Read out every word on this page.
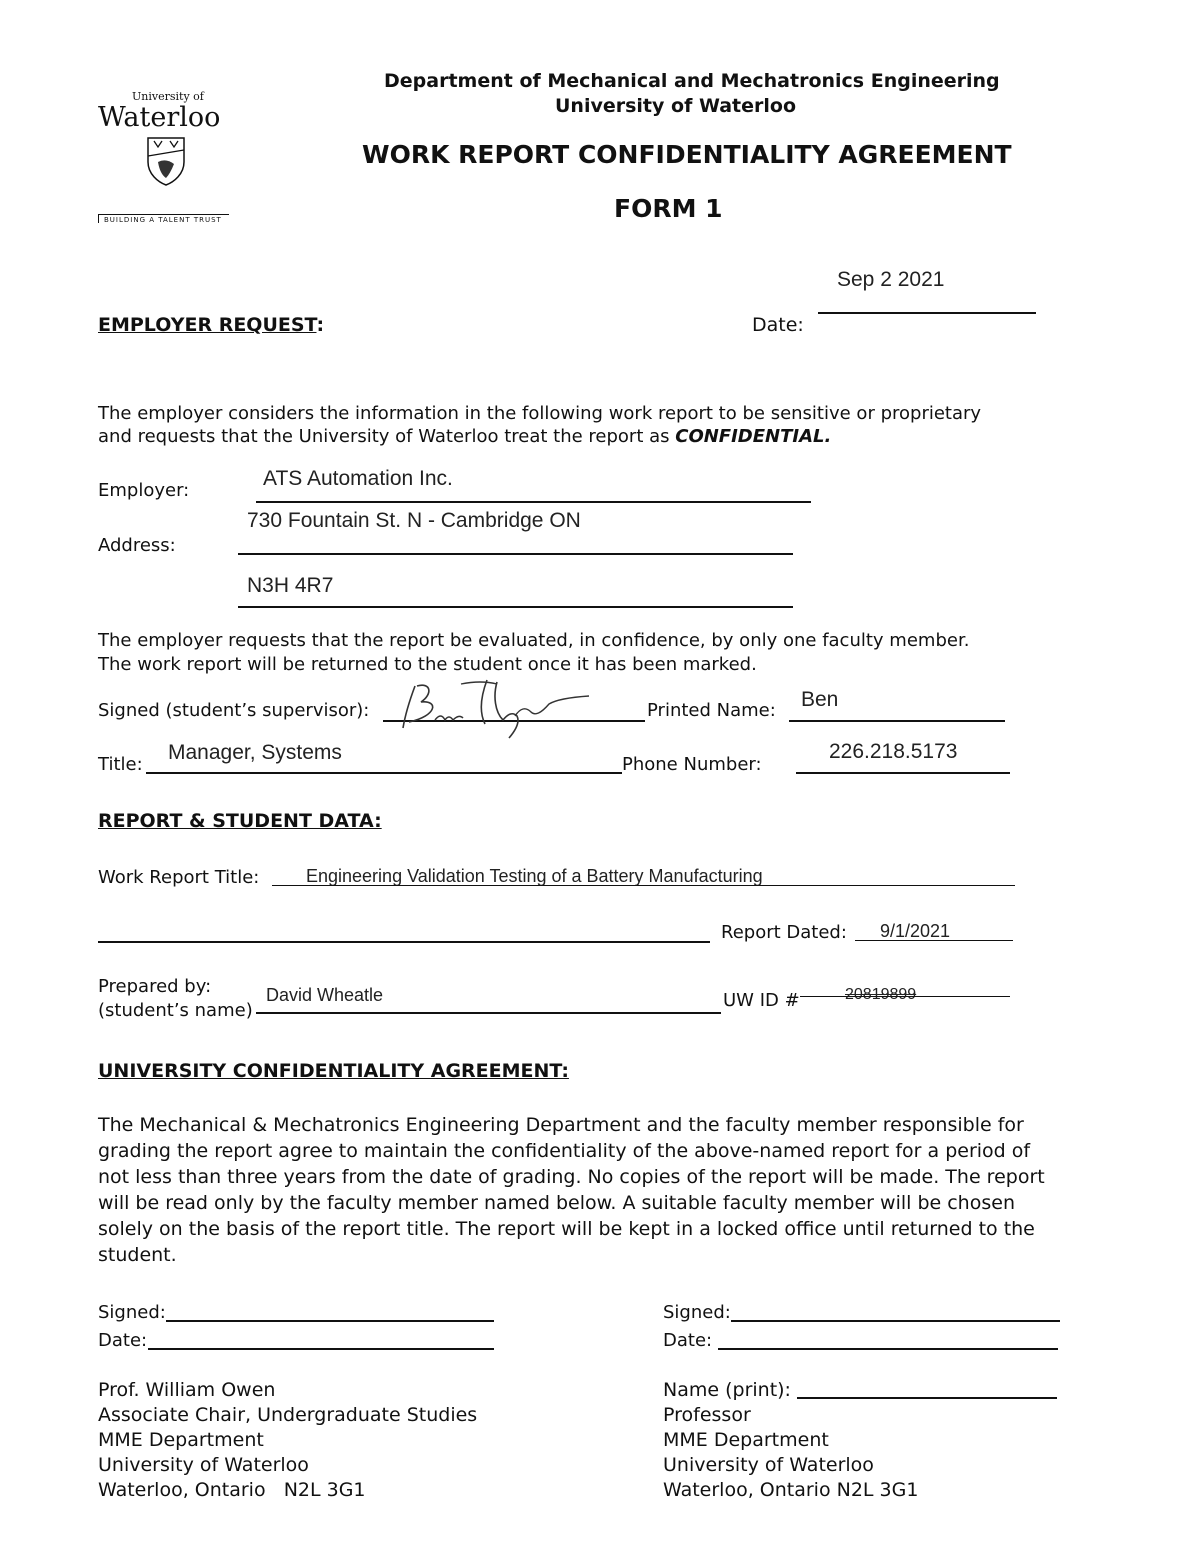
University of
Waterloo
BUILDING A TALENT TRUST
Department of Mechanical and Mechatronics Engineering
University of Waterloo
WORK REPORT CONFIDENTIALITY AGREEMENT
FORM 1
EMPLOYER REQUEST:	Date:
Sep 2 2021
The employer considers the information in the following work report to be sensitive or proprietary
and requests that the University of Waterloo treat the report as CONFIDENTIAL.
Employer:
ATS Automation Inc.
730 Fountain St. N - Cambridge ON
Address:
N3H 4R7
The employer requests that the report be evaluated, in confidence, by only one faculty member.
The work report will be returned to the student once it has been marked.
Signed (student’s supervisor):	Printed Name: Ben
Title:
Manager, Systems
Phone Number:
226.218.5173
REPORT & STUDENT DATA:
Work Report Title:	Engineering Validation Testing of a Battery Manufacturing
Report Dated: 9/1/2021
Prepared by:
(student’s name)
David Wheatle	UW ID #	20819899
UNIVERSITY CONFIDENTIALITY AGREEMENT:
The Mechanical & Mechatronics Engineering Department and the faculty member responsible for
grading the report agree to maintain the confidentiality of the above-named report for a period of
not less than three years from the date of grading. No copies of the report will be made. The report
will be read only by the faculty member named below. A suitable faculty member will be chosen
solely on the basis of the report title. The report will be kept in a locked office until returned to the
student.
Signed:
Date:
Prof. William Owen
Associate Chair, Undergraduate Studies
MME Department
University of Waterloo
Waterloo, Ontario   N2L 3G1
Signed:
Date:
Name (print):
Professor
MME Department
University of Waterloo
Waterloo, Ontario N2L 3G1
